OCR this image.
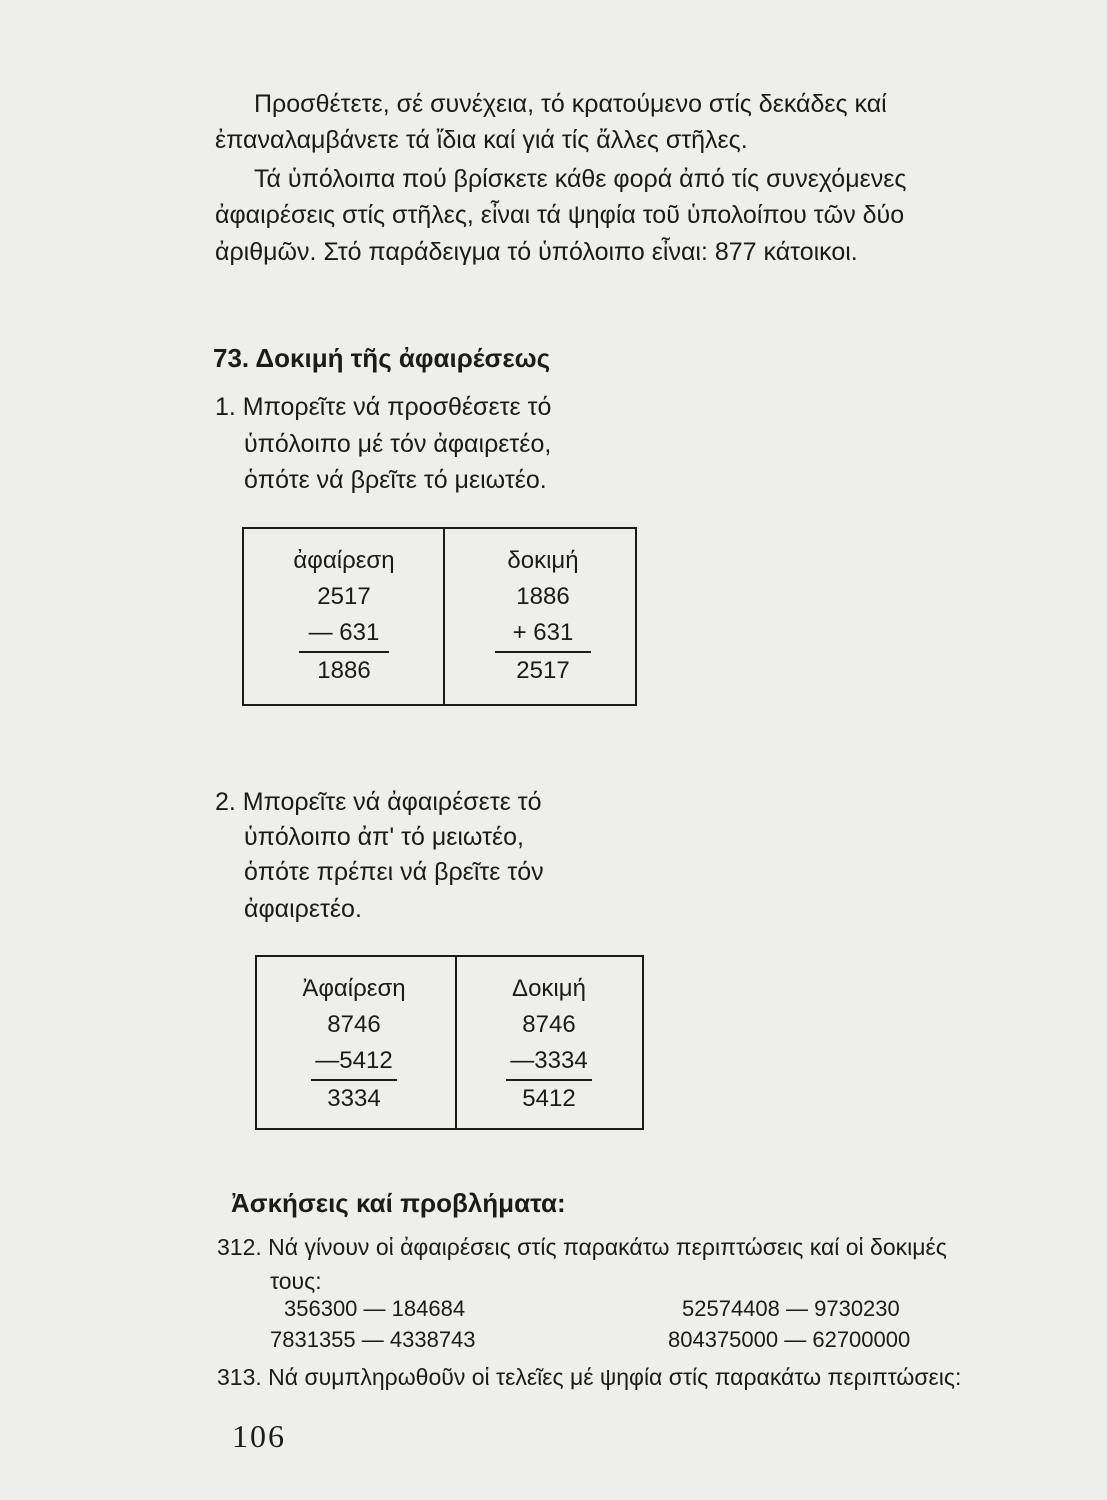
Προσθέτετε, σέ συνέχεια, τό κρατούμενο στίς δεκάδες καί
ἐπαναλαμβάνετε τά ἴδια καί γιά τίς ἄλλες στῆλες.
Τά ὑπόλοιπα πού βρίσκετε κάθε φορά ἀπό τίς συνεχόμενες
ἀφαιρέσεις στίς στῆλες, εἶναι τά ψηφία τοῦ ὑπολοίπου τῶν δύο
ἀριθμῶν. Στό παράδειγμα τό ὑπόλοιπο εἶναι: 877 κάτοικοι.
73. Δοκιμή τῆς ἀφαιρέσεως
1. Μπορεῖτε νά προσθέσετε τό
ὑπόλοιπο μέ τόν ἀφαιρετέο,
ὁπότε νά βρεῖτε τό μειωτέο.
ἀφαίρεση
2517
— 631
1886
δοκιμή
1886
+ 631
2517
2. Μπορεῖτε νά ἀφαιρέσετε τό
ὑπόλοιπο ἀπ' τό μειωτέο,
ὁπότε πρέπει νά βρεῖτε τόν
ἀφαιρετέο.
Ἀφαίρεση
8746
—5412
3334
Δοκιμή
8746
—3334
5412
Ἀσκήσεις καί προβλήματα:
312. Νά γίνουν οἱ ἀφαιρέσεις στίς παρακάτω περιπτώσεις καί οἱ δοκιμές
τους:
356300 — 184684	52574408 — 9730230
7831355 — 4338743	804375000 — 62700000
313. Νά συμπληρωθοῦν οἱ τελεῖες μέ ψηφία στίς παρακάτω περιπτώσεις:
106
